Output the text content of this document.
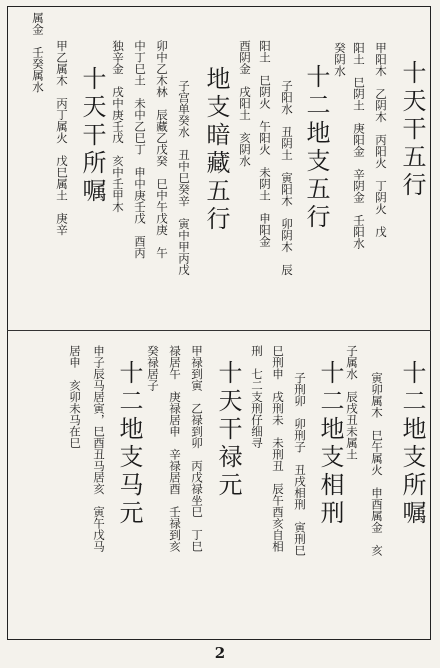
十天干五行
甲阳木　乙阴木　丙阳火　丁阴火　戊
阳土　巳阴土　庚阳金　辛阴金　壬阳水
癸阴水
十二地支五行
子阳水　丑阴土　寅阳木　卯阴木　辰
阳土　巳阴火　午阳火　未阴土　申阳金
酉阴金　戌阳土　亥阴水
地支暗藏五行
子宫单癸水　丑中巳癸辛　寅中甲丙戊
卯中乙木林　辰藏乙戊癸　巳中午戊庚　午
中丁巳土　未中乙巳丁　申中庚壬戊　酉丙
独辛金　戌中庚壬戊　亥中壬甲木
十天干所嘱
甲乙属木　丙丁属火　戊巳属土　庚辛
属金　壬癸属水
十二地支所嘱
寅卯属木　巳午属火　申酉属金　亥
子属水　辰戌丑未属土
十二地支相刑
子刑卯　卯刑子　丑戌相刑　寅刑巳
巳刑申　戌刑未　未刑丑　辰午酉亥自相
刑　七二支刑仔细寻
十天干禄元
甲禄到寅　乙禄到卯　丙戊禄坐巳　丁巳
禄居午　庚禄居申　辛禄居酉　壬禄到亥
癸禄居子
十二地支马元
申子辰马居寅，巳酉丑马居亥　寅午戊马
居申　亥卯未马在巳
2
